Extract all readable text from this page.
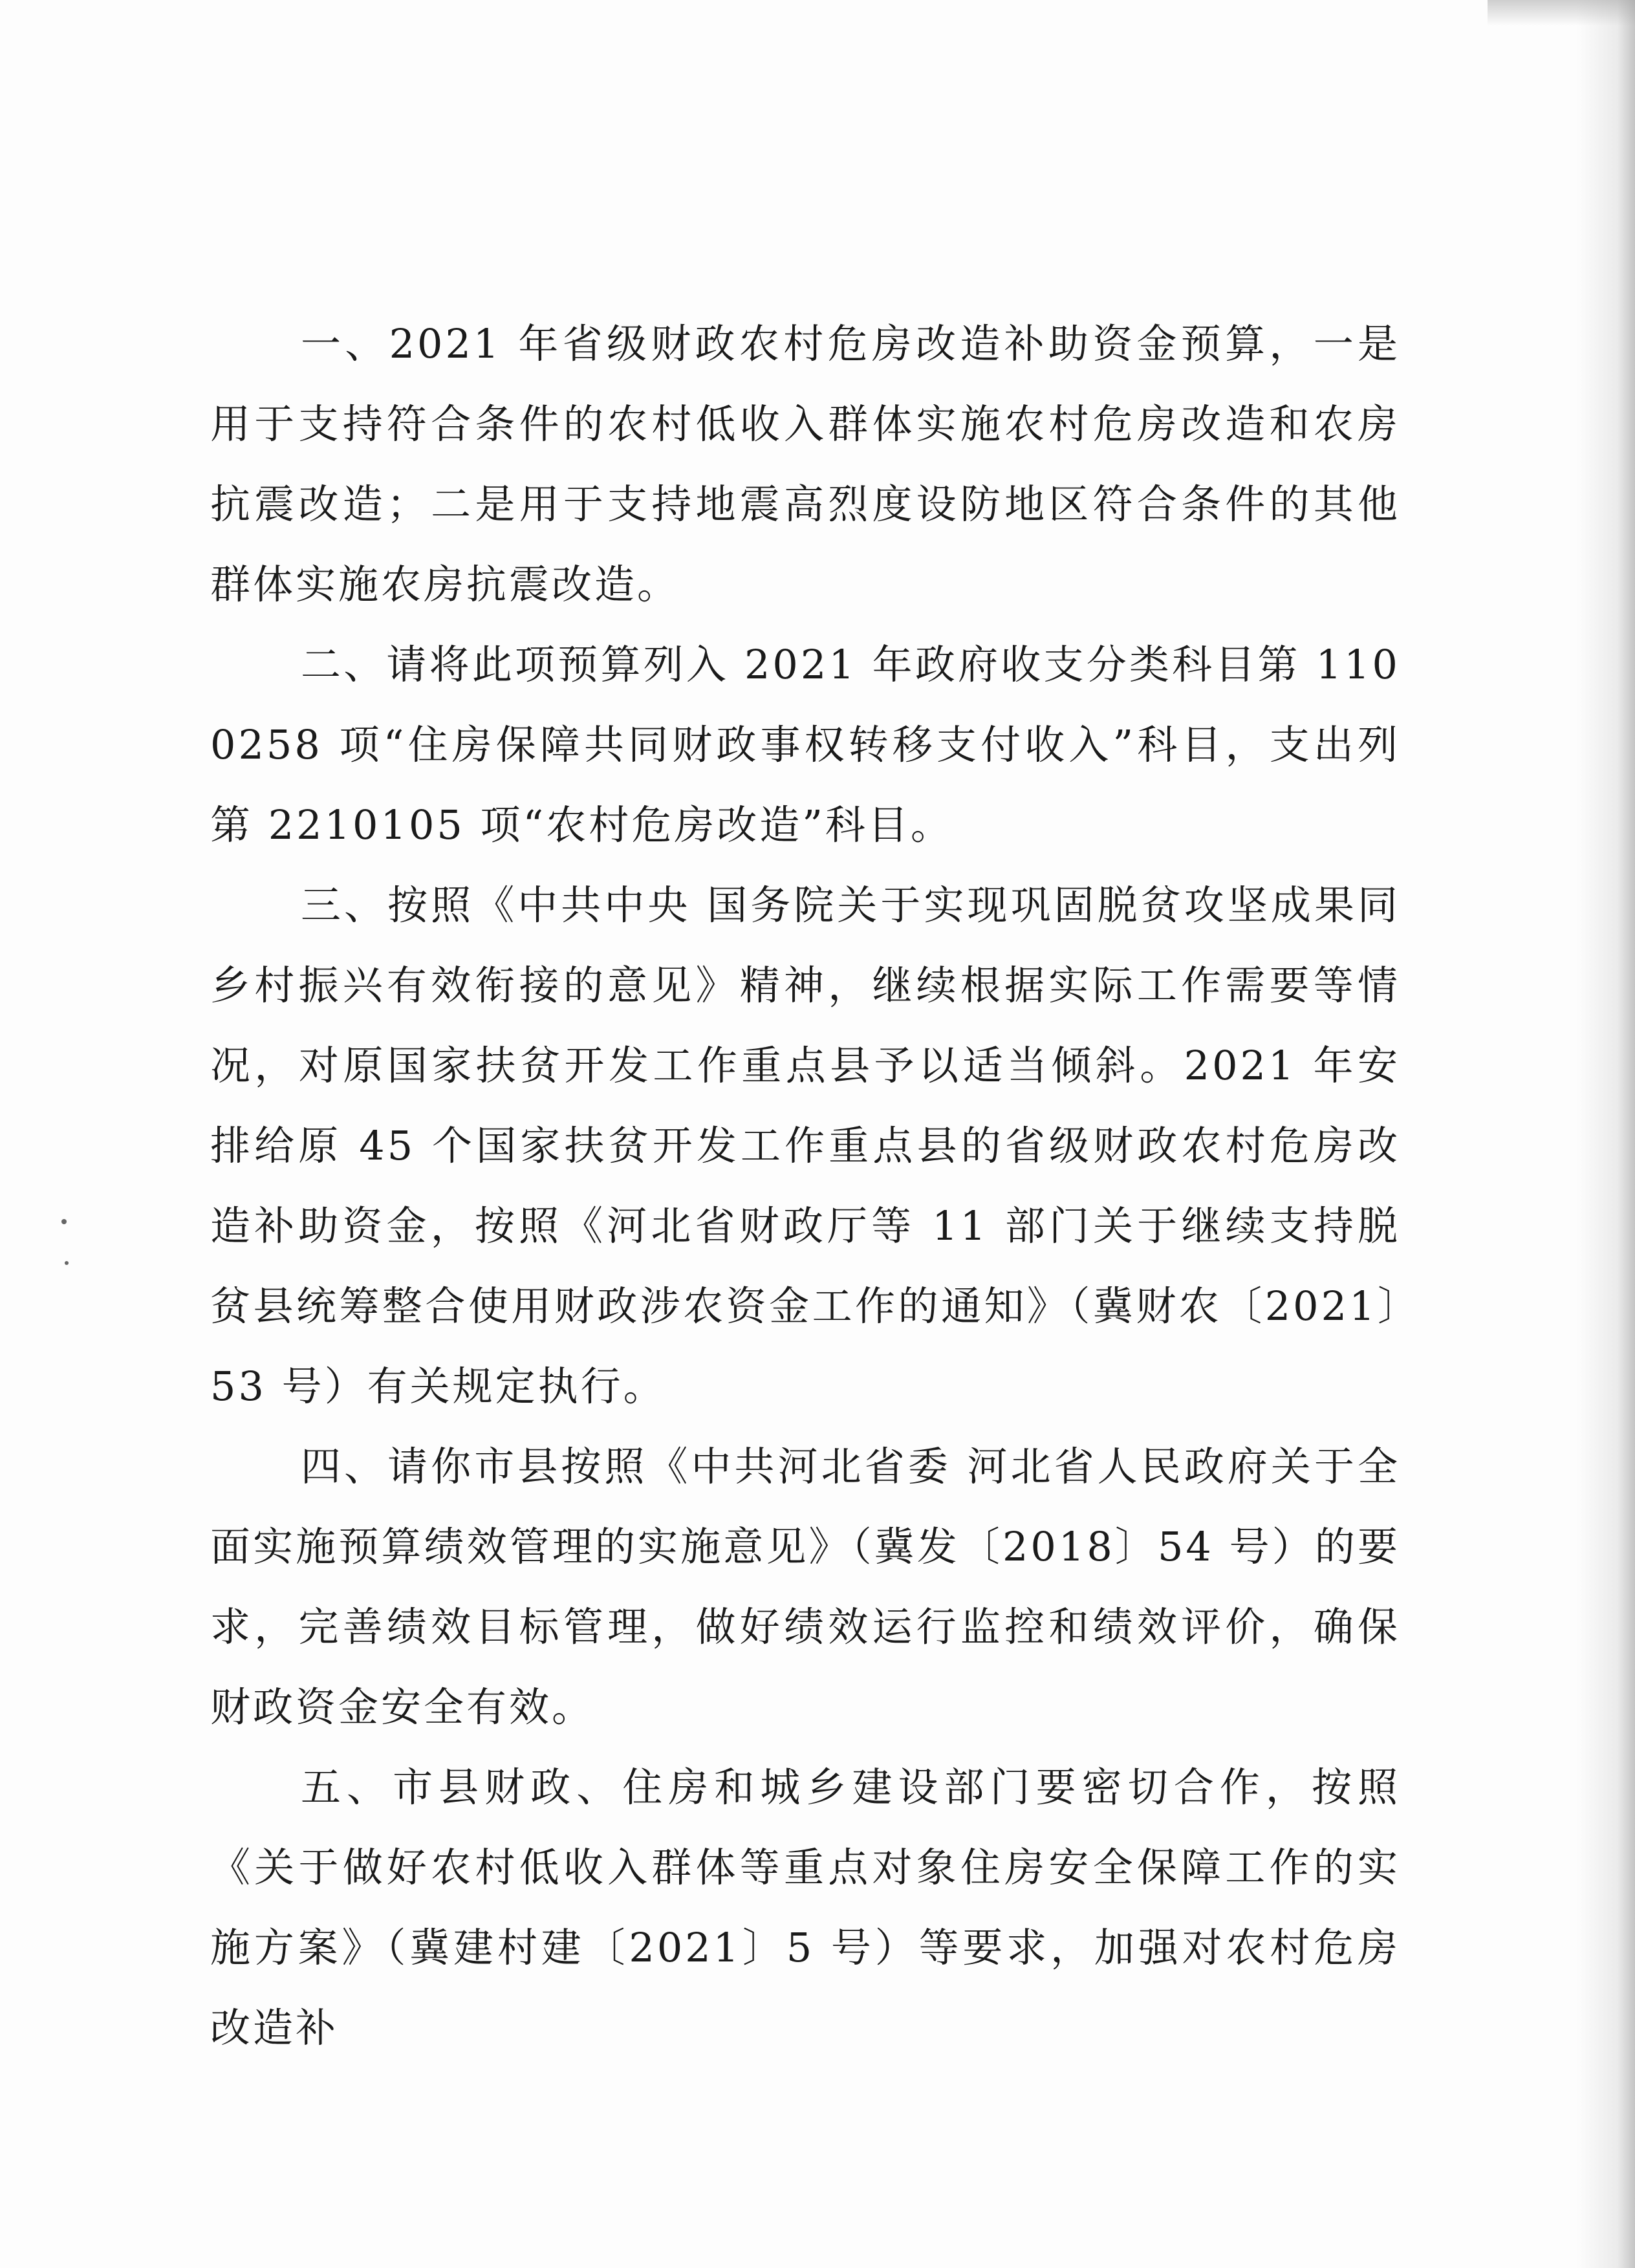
一、2021 年省级财政农村危房改造补助资金预算，一是用于支持符合条件的农村低收入群体实施农村危房改造和农房抗震改造；二是用于支持地震高烈度设防地区符合条件的其他群体实施农房抗震改造。

二、请将此项预算列入 2021 年政府收支分类科目第 1100258 项“住房保障共同财政事权转移支付收入”科目，支出列第 2210105 项“农村危房改造”科目。

三、按照《中共中央 国务院关于实现巩固脱贫攻坚成果同乡村振兴有效衔接的意见》精神，继续根据实际工作需要等情况，对原国家扶贫开发工作重点县予以适当倾斜。2021 年安排给原 45 个国家扶贫开发工作重点县的省级财政农村危房改造补助资金，按照《河北省财政厅等 11 部门关于继续支持脱贫县统筹整合使用财政涉农资金工作的通知》（冀财农〔2021〕53 号）有关规定执行。

四、请你市县按照《中共河北省委 河北省人民政府关于全面实施预算绩效管理的实施意见》（冀发〔2018〕54 号）的要求，完善绩效目标管理，做好绩效运行监控和绩效评价，确保财政资金安全有效。

五、市县财政、住房和城乡建设部门要密切合作，按照《关于做好农村低收入群体等重点对象住房安全保障工作的实施方案》（冀建村建〔2021〕5 号）等要求，加强对农村危房改造补
